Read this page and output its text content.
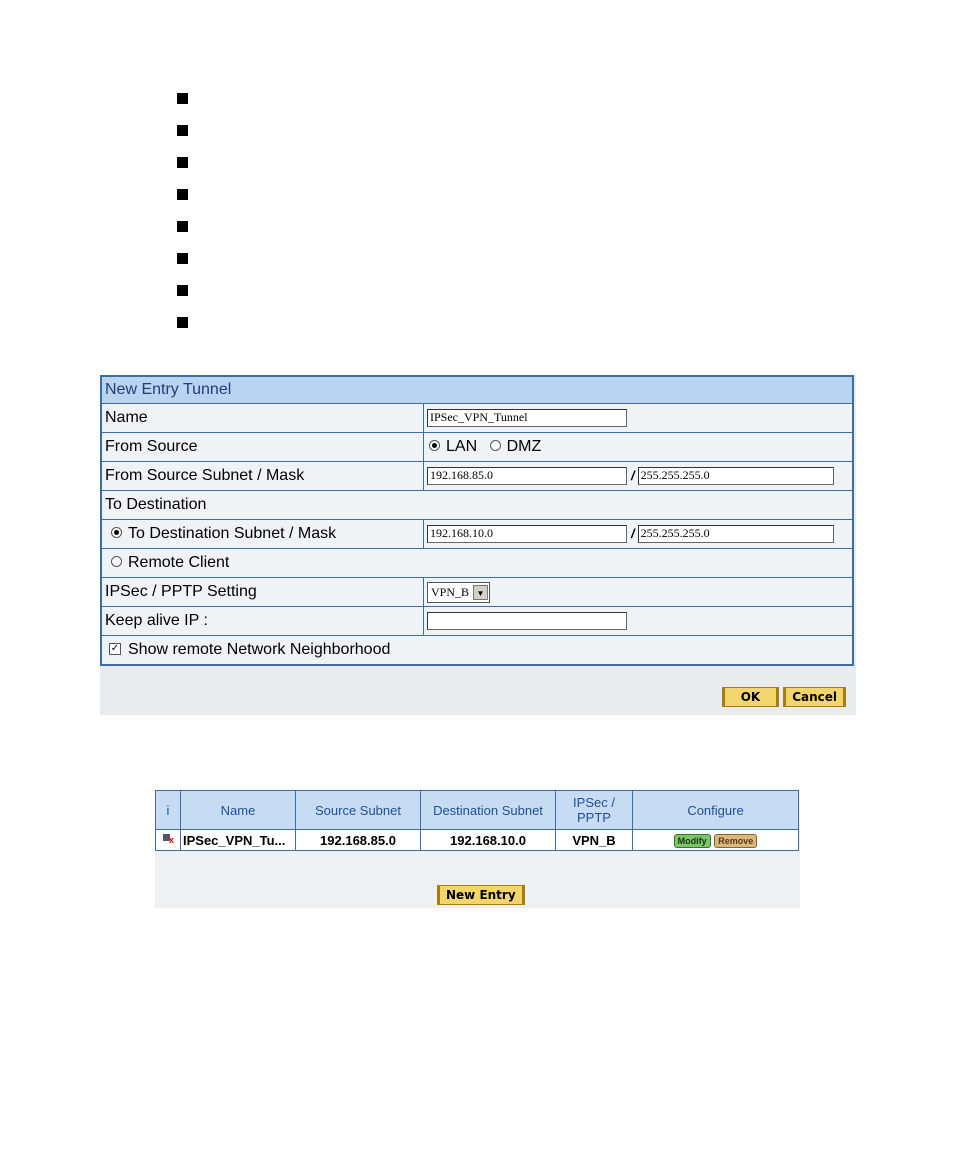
New Entry Tunnel	
Name	IPSec_VPN_Tunnel
From Source	LAN DMZ
From Source Subnet / Mask	192.168.85.0/255.255.255.0
To Destination	
To Destination Subnet / Mask	192.168.10.0/255.255.255.0
Remote Client	
IPSec / PPTP Setting	VPN_B ▼

Keep alive IP :	
✓ Show remote Network Neighborhood	
OK	Cancel
i	Name	Source Subnet	Destination Subnet	IPSec / PPTP	Configure
x	IPSec_VPN_Tu...	192.168.85.0	192.168.10.0	VPN_B	Modify Remove
New Entry
